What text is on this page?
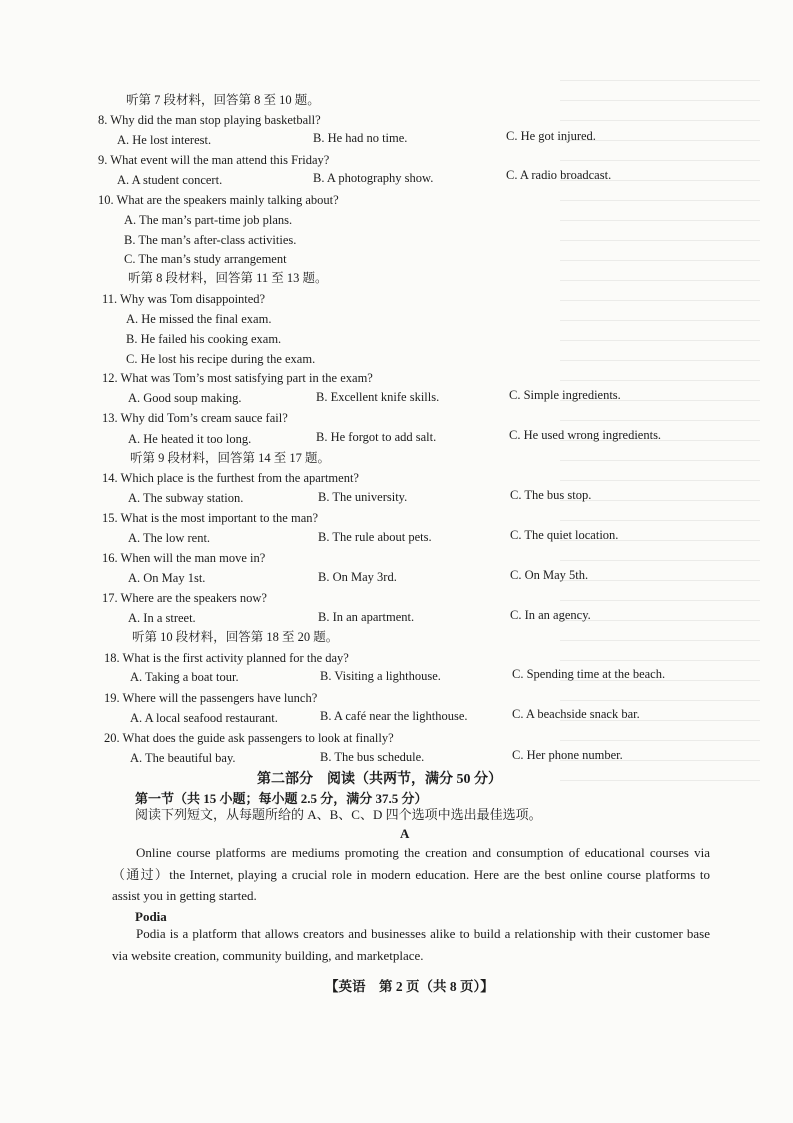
听第 7 段材料，回答第 8 至 10 题。
8. Why did the man stop playing basketball?
A. He lost interest.	B. He had no time.	C. He got injured.
9. What event will the man attend this Friday?
A. A student concert.	B. A photography show.	C. A radio broadcast.
10. What are the speakers mainly talking about?
A. The man’s part-time job plans.
B. The man’s after-class activities.
C. The man’s study arrangement
听第 8 段材料，回答第 11 至 13 题。
11. Why was Tom disappointed?
A. He missed the final exam.
B. He failed his cooking exam.
C. He lost his recipe during the exam.
12. What was Tom’s most satisfying part in the exam?
A. Good soup making.	B. Excellent knife skills.	C. Simple ingredients.
13. Why did Tom’s cream sauce fail?
A. He heated it too long.	B. He forgot to add salt.	C. He used wrong ingredients.
听第 9 段材料，回答第 14 至 17 题。
14. Which place is the furthest from the apartment?
A. The subway station.	B. The university.	C. The bus stop.
15. What is the most important to the man?
A. The low rent.	B. The rule about pets.	C. The quiet location.
16. When will the man move in?
A. On May 1st.	B. On May 3rd.	C. On May 5th.
17. Where are the speakers now?
A. In a street.	B. In an apartment.	C. In an agency.
听第 10 段材料，回答第 18 至 20 题。
18. What is the first activity planned for the day?
A. Taking a boat tour.	B. Visiting a lighthouse.	C. Spending time at the beach.
19. Where will the passengers have lunch?
A. A local seafood restaurant.	B. A café near the lighthouse.	C. A beachside snack bar.
20. What does the guide ask passengers to look at finally?
A. The beautiful bay.	B. The bus schedule.	C. Her phone number.
第二部分　阅读（共两节，满分 50 分）
第一节（共 15 小题；每小题 2.5 分，满分 37.5 分）
阅读下列短文，从每题所给的 A、B、C、D 四个选项中选出最佳选项。
A
Online course platforms are mediums promoting the creation and consumption of educational courses via（通过）the Internet, playing a crucial role in modern education. Here are the best online course platforms to assist you in getting started.
Podia
Podia is a platform that allows creators and businesses alike to build a relationship with their customer base via website creation, community building, and marketplace.
【英语　第 2 页（共 8 页）】
